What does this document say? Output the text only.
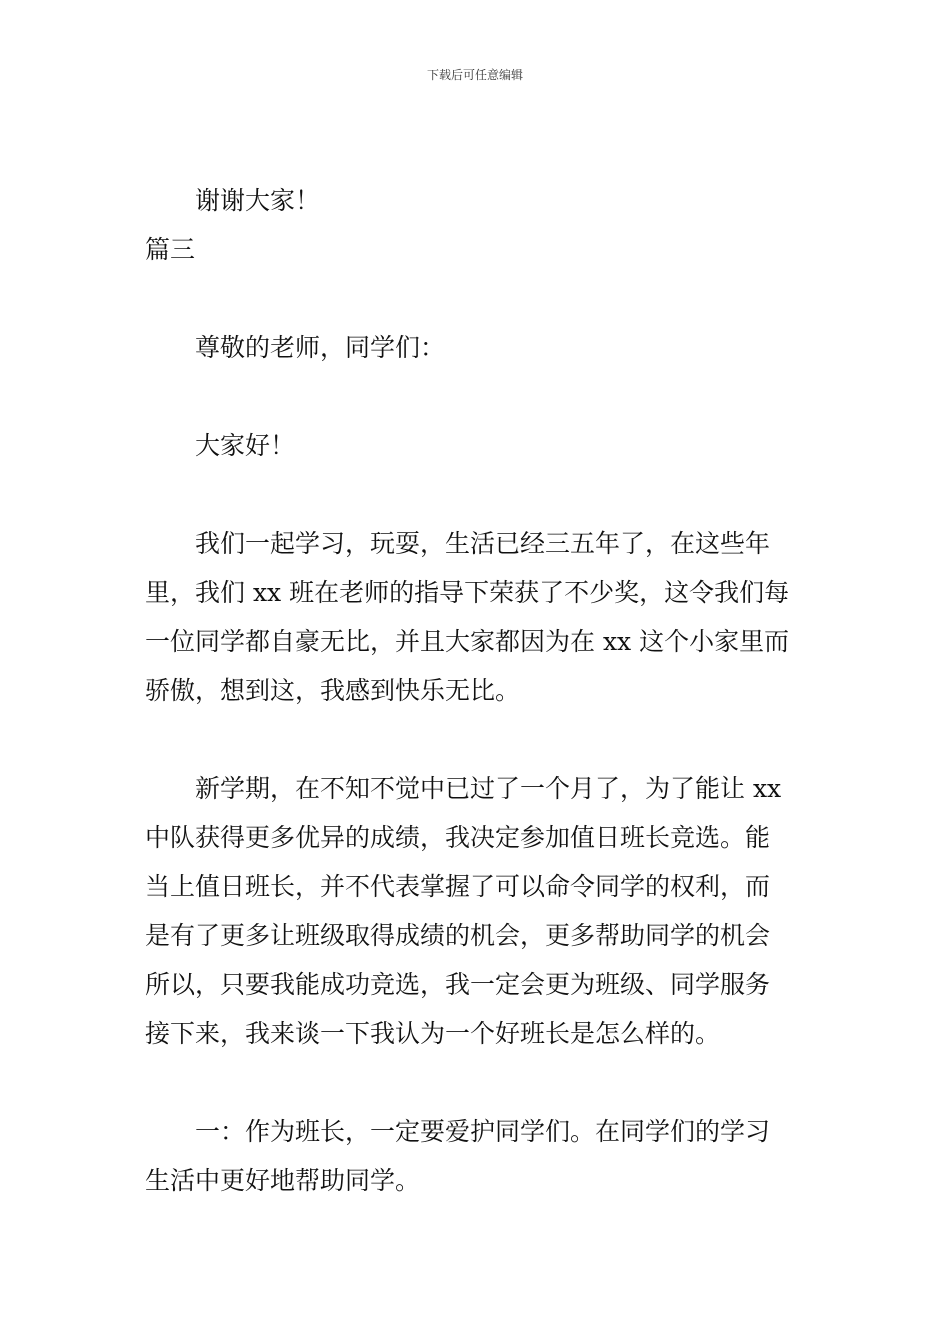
下载后可任意编辑
谢谢大家！
篇三
尊敬的老师，同学们：
大家好！
我们一起学习，玩耍，生活已经三五年了，在这些年
里，我们 xx 班在老师的指导下荣获了不少奖，这令我们每
一位同学都自豪无比，并且大家都因为在 xx 这个小家里而
骄傲，想到这，我感到快乐无比。
新学期，在不知不觉中已过了一个月了，为了能让 xx
中队获得更多优异的成绩，我决定参加值日班长竞选。能
当上值日班长，并不代表掌握了可以命令同学的权利，而
是有了更多让班级取得成绩的机会，更多帮助同学的机会
所以，只要我能成功竞选，我一定会更为班级、同学服务
接下来，我来谈一下我认为一个好班长是怎么样的。
一：作为班长，一定要爱护同学们。在同学们的学习
生活中更好地帮助同学。
